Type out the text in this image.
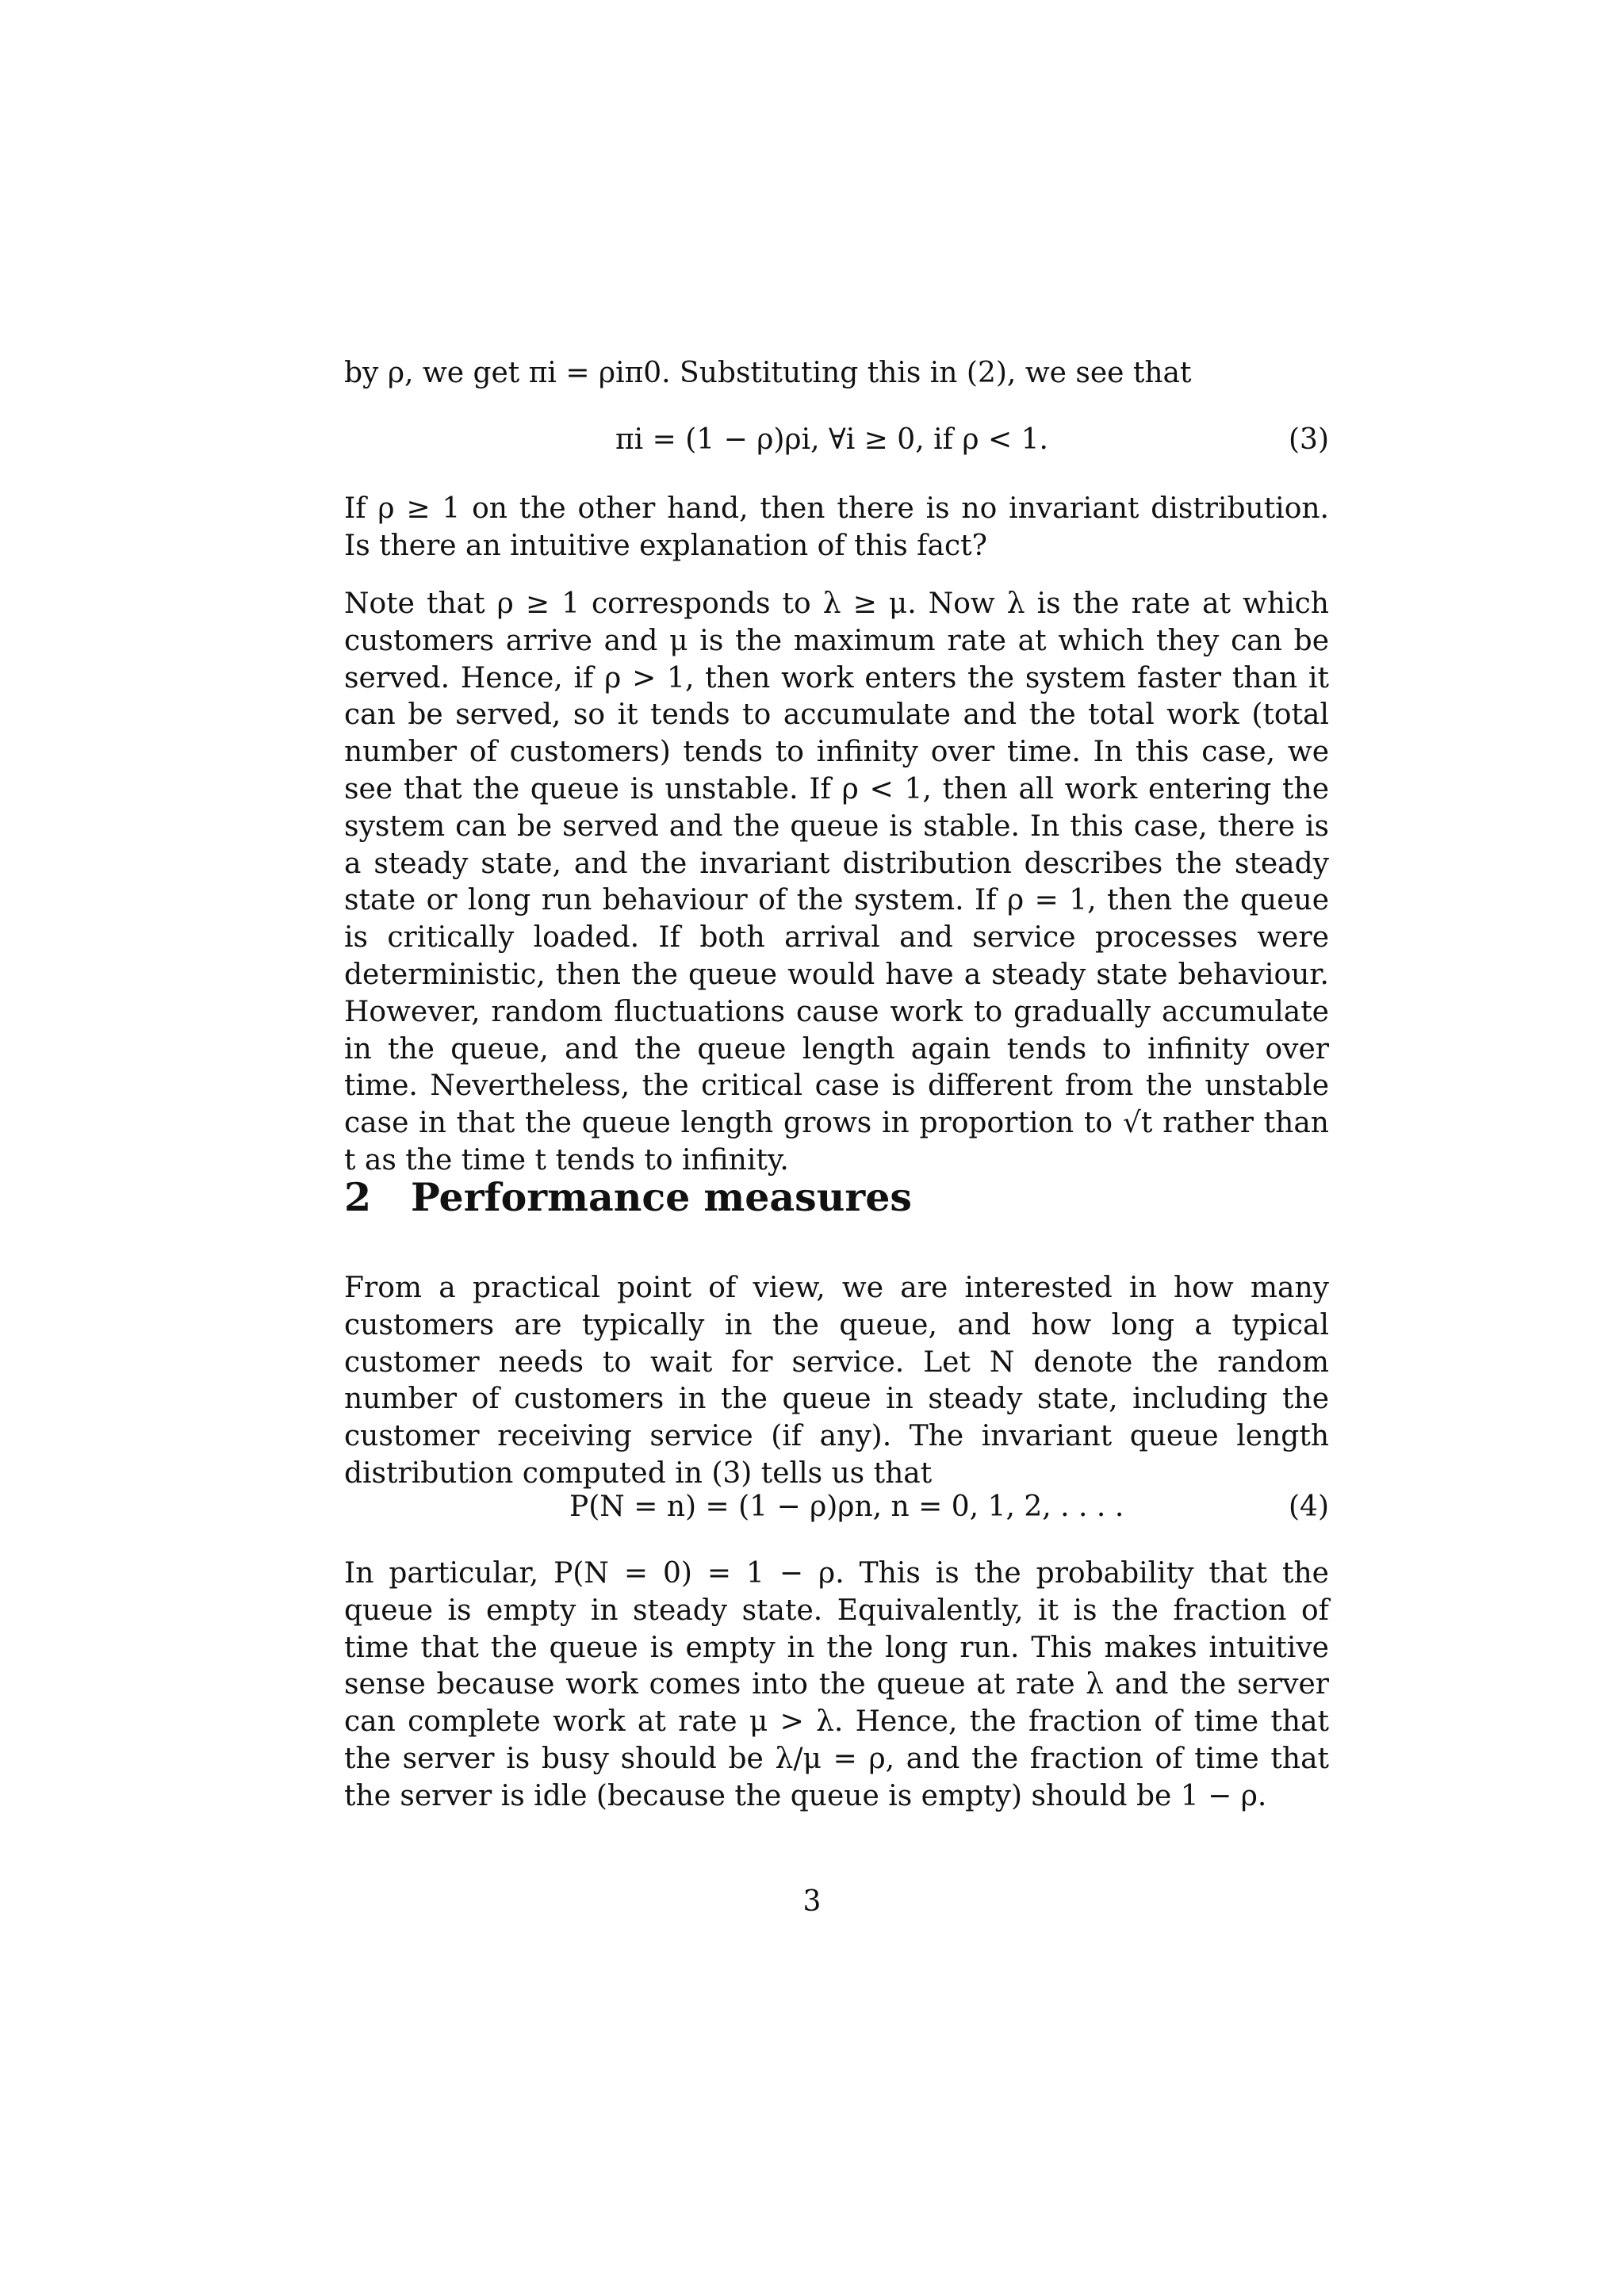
by ρ, we get πi = ρiπ0. Substituting this in (2), we see that

πi = (1 − ρ)ρi, ∀i ≥ 0, if ρ < 1.	(3)

If ρ ≥ 1 on the other hand, then there is no invariant distribution. Is there an intuitive explanation of this fact?

Note that ρ ≥ 1 corresponds to λ ≥ μ. Now λ is the rate at which customers arrive and μ is the maximum rate at which they can be served. Hence, if ρ > 1, then work enters the system faster than it can be served, so it tends to accumulate and the total work (total number of customers) tends to infinity over time. In this case, we see that the queue is unstable. If ρ < 1, then all work entering the system can be served and the queue is stable. In this case, there is a steady state, and the invariant distribution describes the steady state or long run behaviour of the system. If ρ = 1, then the queue is critically loaded. If both arrival and service processes were deterministic, then the queue would have a steady state behaviour. However, random fluctuations cause work to gradually accumulate in the queue, and the queue length again tends to infinity over time. Nevertheless, the critical case is different from the unstable case in that the queue length grows in proportion to √t rather than t as the time t tends to infinity.

2 Performance measures

From a practical point of view, we are interested in how many customers are typically in the queue, and how long a typical customer needs to wait for service. Let N denote the random number of customers in the queue in steady state, including the customer receiving service (if any). The invariant queue length distribution computed in (3) tells us that

P(N = n) = (1 − ρ)ρn, n = 0, 1, 2, . . . .	(4)

In particular, P(N = 0) = 1 − ρ. This is the probability that the queue is empty in steady state. Equivalently, it is the fraction of time that the queue is empty in the long run. This makes intuitive sense because work comes into the queue at rate λ and the server can complete work at rate μ > λ. Hence, the fraction of time that the server is busy should be λ/μ = ρ, and the fraction of time that the server is idle (because the queue is empty) should be 1 − ρ.

3
